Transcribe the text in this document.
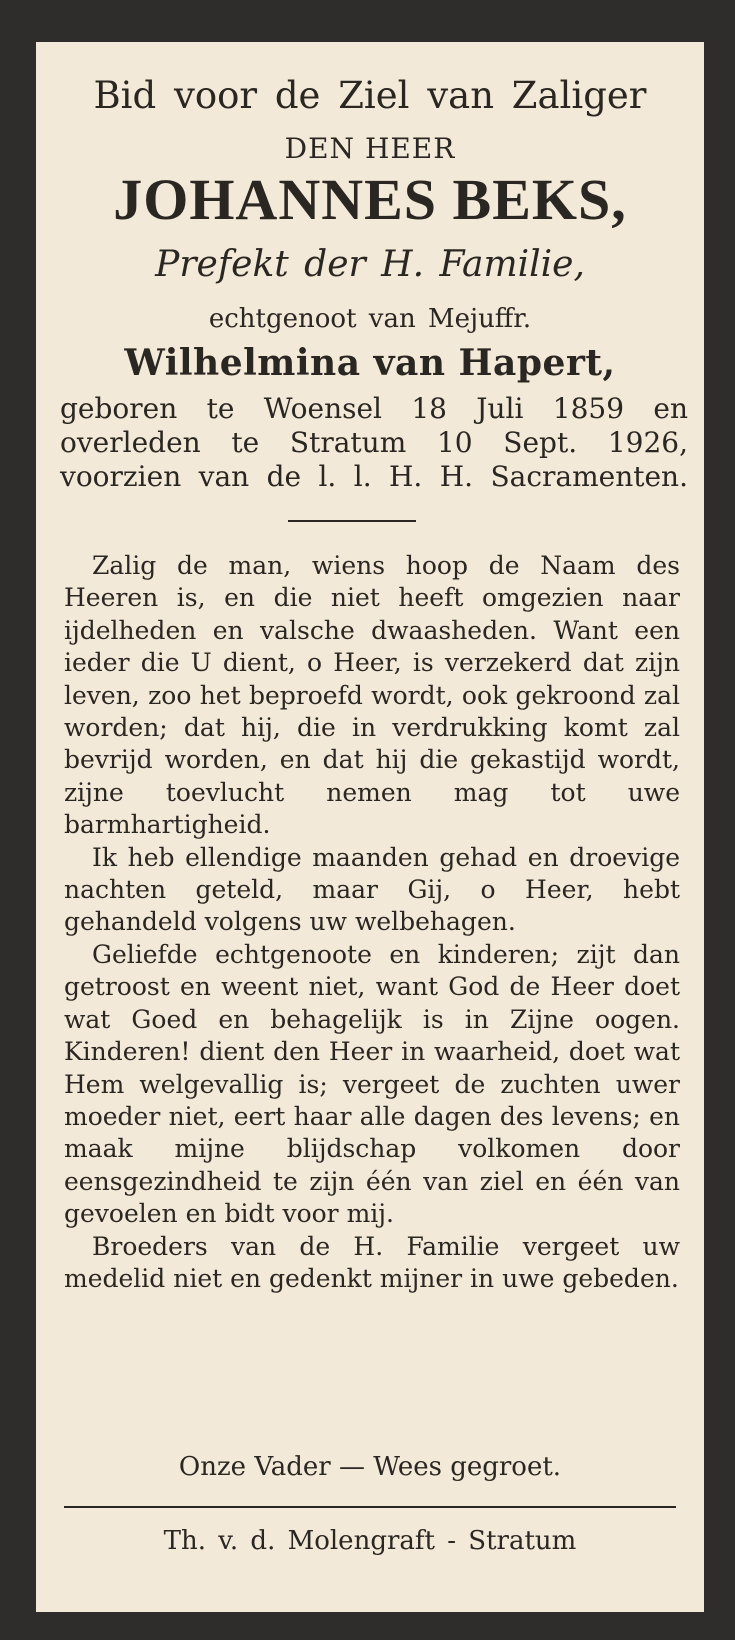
Bid voor de Ziel van Zaliger
DEN HEER
JOHANNES BEKS,
Prefekt der H. Familie,
echtgenoot van Mejuffr.
Wilhelmina van Hapert,
geboren te Woensel 18 Juli 1859 en
overleden te Stratum 10 Sept. 1926,
voorzien van de l. l. H. H. Sacramenten.

Zalig de man, wiens hoop de Naam des Heeren is, en die niet heeft omgezien naar ijdelheden en valsche dwaasheden. Want een ieder die U dient, o Heer, is verzekerd dat zijn leven, zoo het beproefd wordt, ook gekroond zal worden; dat hij, die in verdrukking komt zal bevrijd worden, en dat hij die gekastijd wordt, zijne toevlucht nemen mag tot uwe barmhartigheid.

Ik heb ellendige maanden gehad en droevige nachten geteld, maar Gij, o Heer, hebt gehandeld volgens uw welbehagen.

Geliefde echtgenoote en kinderen; zijt dan getroost en weent niet, want God de Heer doet wat Goed en behagelijk is in Zijne oogen. Kinderen! dient den Heer in waarheid, doet wat Hem welgevallig is; vergeet de zuchten uwer moeder niet, eert haar alle dagen des levens; en maak mijne blijdschap volkomen door eensgezindheid te zijn één van ziel en één van gevoelen en bidt voor mij.

Broeders van de H. Familie vergeet uw medelid niet en gedenkt mijner in uwe gebeden.

Onze Vader — Wees gegroet.
Th. v. d. Molengraft - Stratum
